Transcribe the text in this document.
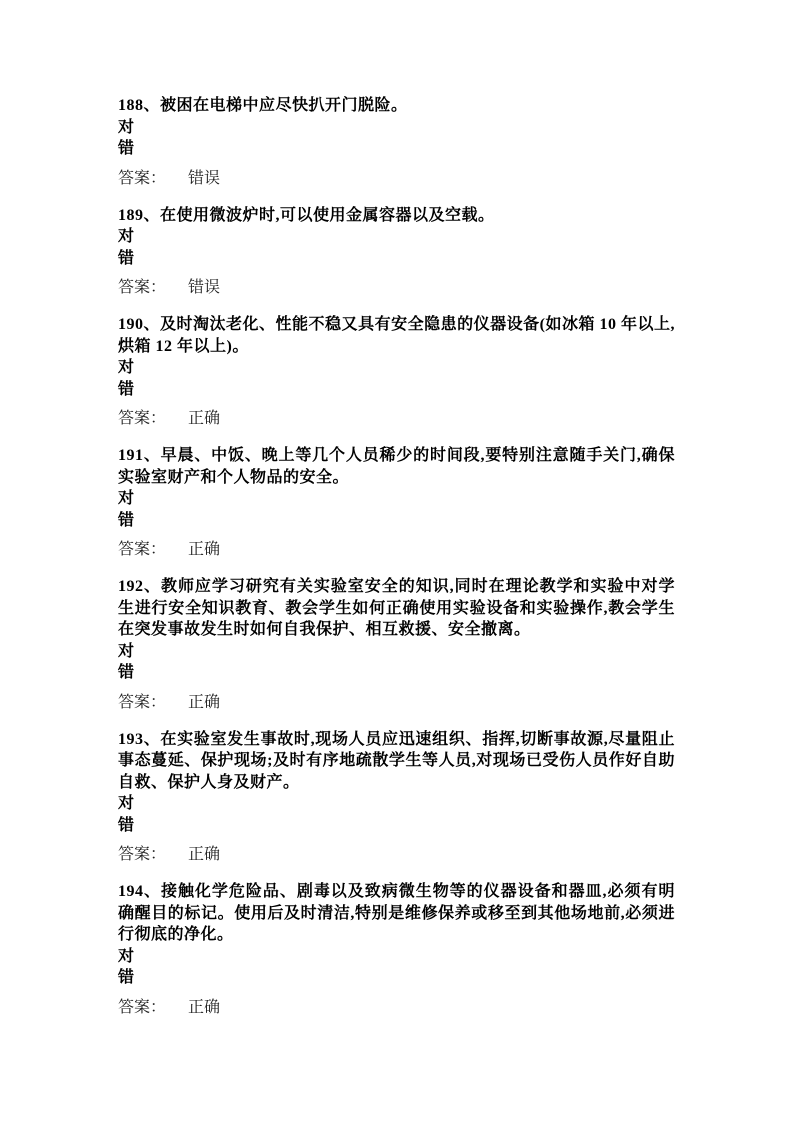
188、被困在电梯中应尽快扒开门脱险。

对

错

答案： 错误

189、在使用微波炉时,可以使用金属容器以及空载。

对

错

答案： 错误

190、及时淘汰老化、性能不稳又具有安全隐患的仪器设备(如冰箱 10 年以上,烘箱 12 年以上)。

对

错

答案： 正确

191、早晨、中饭、晚上等几个人员稀少的时间段,要特别注意随手关门,确保实验室财产和个人物品的安全。

对

错

答案： 正确

192、教师应学习研究有关实验室安全的知识,同时在理论教学和实验中对学生进行安全知识教育、教会学生如何正确使用实验设备和实验操作,教会学生在突发事故发生时如何自我保护、相互救援、安全撤离。

对

错

答案： 正确

193、在实验室发生事故时,现场人员应迅速组织、指挥,切断事故源,尽量阻止事态蔓延、保护现场;及时有序地疏散学生等人员,对现场已受伤人员作好自助自救、保护人身及财产。

对

错

答案： 正确

194、接触化学危险品、剧毒以及致病微生物等的仪器设备和器皿,必须有明确醒目的标记。使用后及时清洁,特别是维修保养或移至到其他场地前,必须进行彻底的净化。

对

错

答案： 正确
